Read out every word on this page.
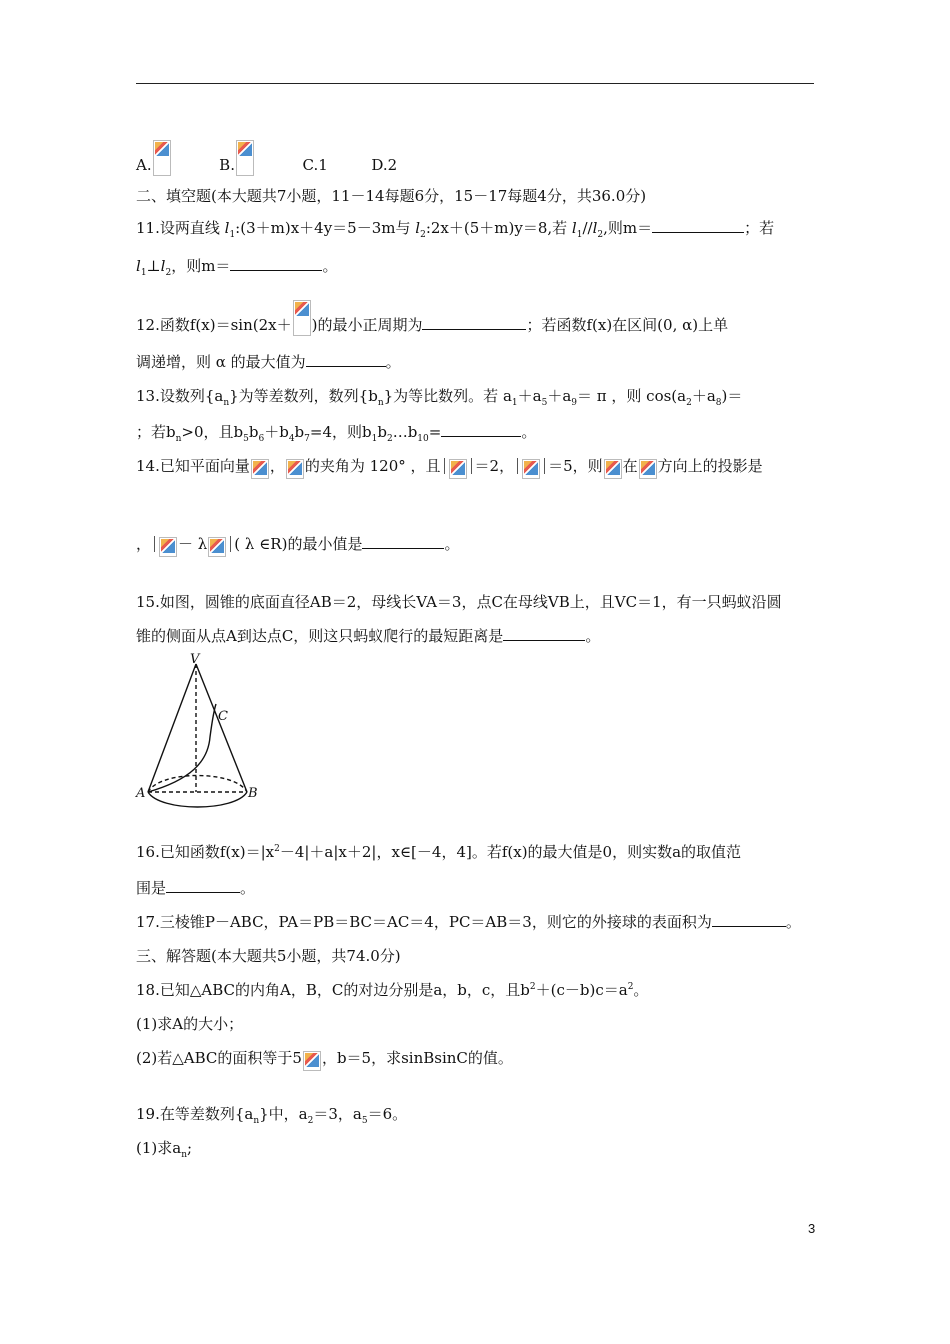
A.	B.	C.1	D.2
二、填空题(本大题共7小题，11－14每题6分，15－17每题4分，共36.0分)
11.设两直线 $l_1:(3+m)x+4y=5-3m$与 $l_2:2x+(5+m)y=8$,若 $l_1//l_2$,则m＝	；若
$l_1\perp l_2$，则m＝	。
12.函数f(x)＝sin(2x＋ )的最小正周期为	；若函数f(x)在区间(0, α)上单
调递增，则 α 的最大值为	。
13.设数列$\{a_n\}$为等差数列，数列$\{b_n\}$为等比数列。若 $a_1+a_5+a_9= \pi$ ，则 $\cos(a_2+a_8)=$
；若$b_n>0$，且$b_5b_6+b_4b_7=4$，则$b_1b_2\dots b_{10}=$	。
14.已知平面向量 ， 的夹角为 120° ，且 ＝2， ＝5，则 在 方向上的投影是
， － λ ( λ ∈R)的最小值是	。
15.如图，圆锥的底面直径AB＝2，母线长VA＝3，点C在母线VB上，且VC＝1，有一只蚂蚁沿圆
锥的侧面从点A到达点C，则这只蚂蚁爬行的最短距离是	。
V
C
A	B
16.已知函数$f(x)=|x^2-4|+a|x+2|$，x∈[－4，4]。若f(x)的最大值是0，则实数a的取值范
围是	。
17.三棱锥P－ABC，PA＝PB＝BC＝AC＝4，PC＝AB＝3，则它的外接球的表面积为	。
三、解答题(本大题共5小题，共74.0分)
18.已知△ABC的内角A，B，C的对边分别是a，b，c，且$b^2+(c-b)c=a^2$。
(1)求A的大小；
(2)若△ABC的面积等于5 ，b＝5，求sinBsinC的值。
19.在等差数列$\{a_n\}$中，$a_2=3$，$a_5=6$。
(1)求$a_n$;
3
